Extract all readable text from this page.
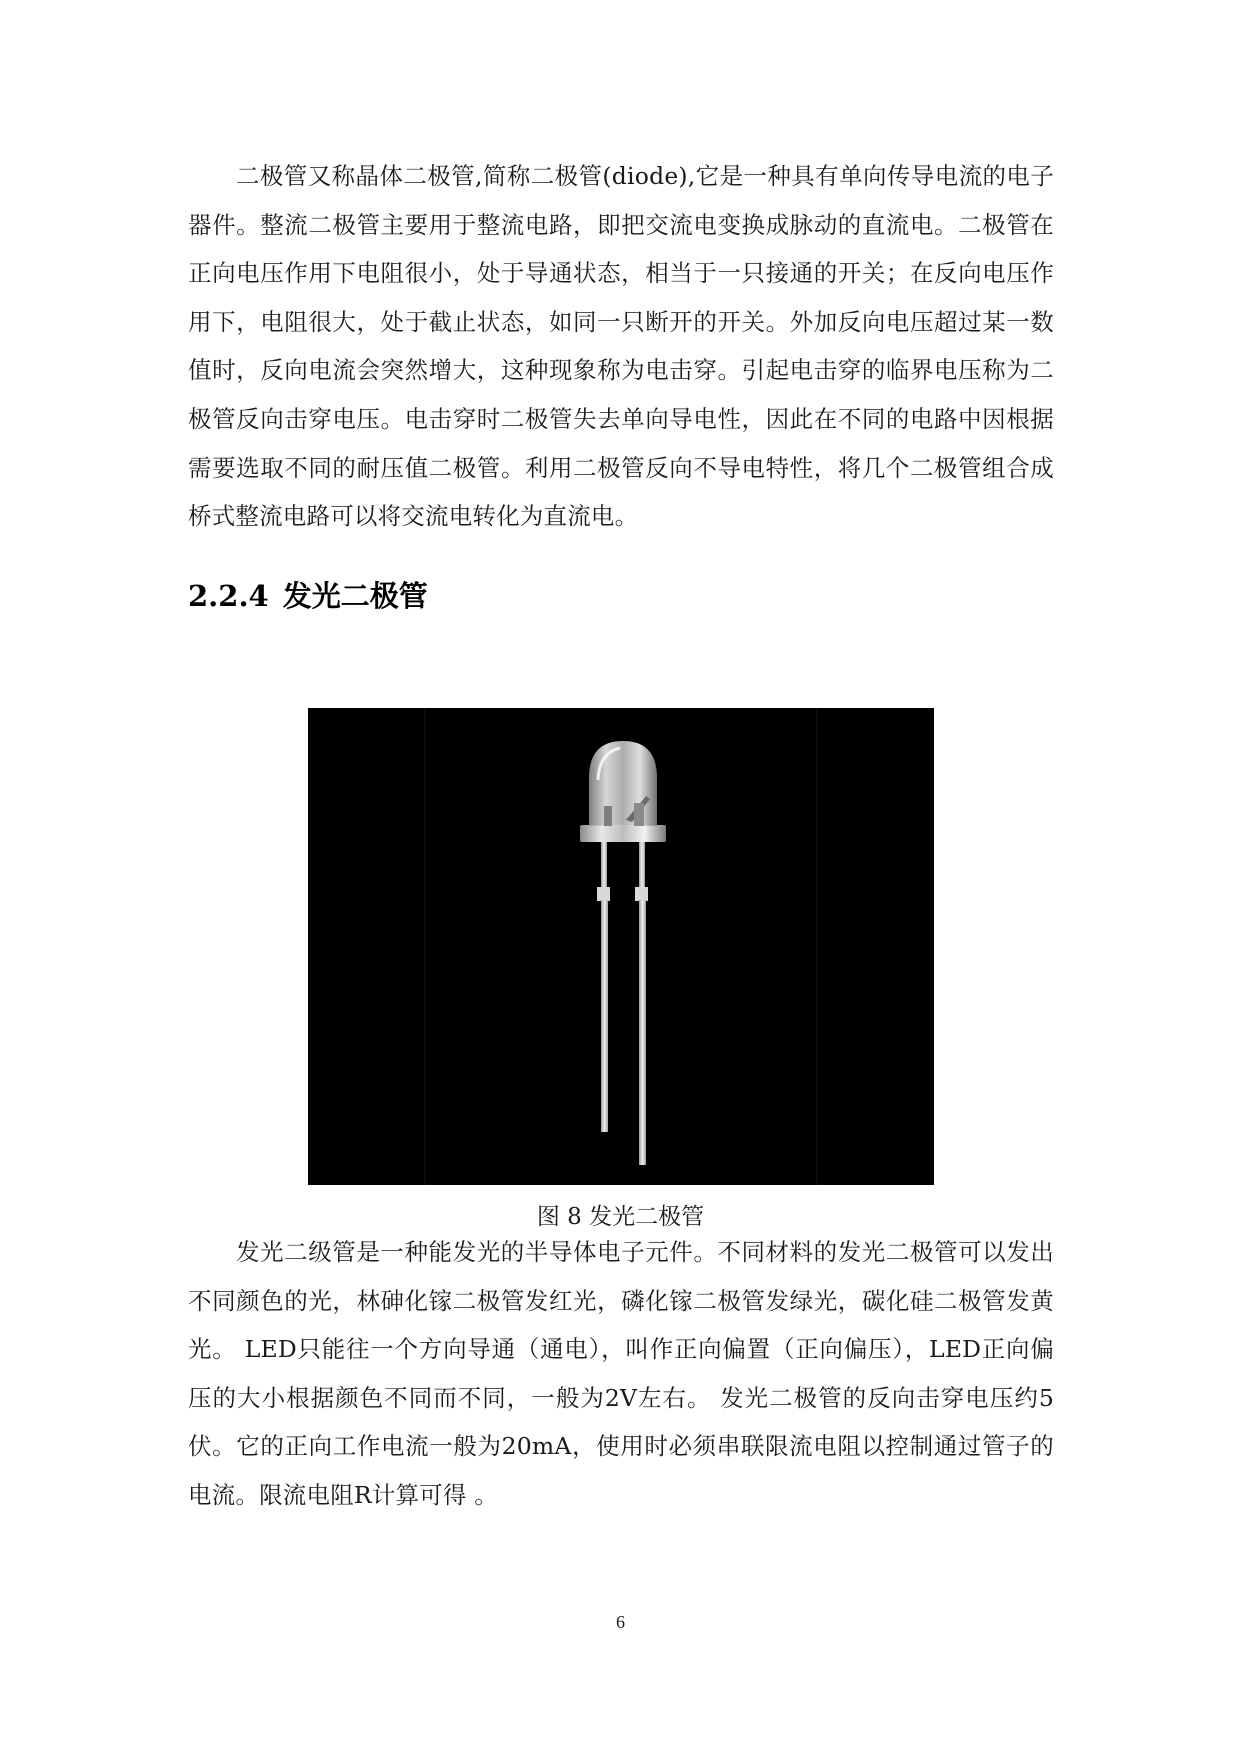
二极管又称晶体二极管,简称二极管(diode),它是一种具有单向传导电流的电子器件。整流二极管主要用于整流电路，即把交流电变换成脉动的直流电。二极管在正向电压作用下电阻很小，处于导通状态，相当于一只接通的开关；在反向电压作用下，电阻很大，处于截止状态，如同一只断开的开关。外加反向电压超过某一数值时，反向电流会突然增大，这种现象称为电击穿。引起电击穿的临界电压称为二极管反向击穿电压。电击穿时二极管失去单向导电性，因此在不同的电路中因根据需要选取不同的耐压值二极管。利用二极管反向不导电特性，将几个二极管组合成桥式整流电路可以将交流电转化为直流电。

2.2.4 发光二极管
图 8 发光二极管

发光二级管是一种能发光的半导体电子元件。不同材料的发光二极管可以发出不同颜色的光，林砷化镓二极管发红光，磷化镓二极管发绿光，碳化硅二极管发黄光。 LED只能往一个方向导通（通电），叫作正向偏置（正向偏压），LED正向偏压的大小根据颜色不同而不同，一般为2V左右。 发光二极管的反向击穿电压约5伏。它的正向工作电流一般为20mA，使用时必须串联限流电阻以控制通过管子的电流。限流电阻R计算可得 。

6
